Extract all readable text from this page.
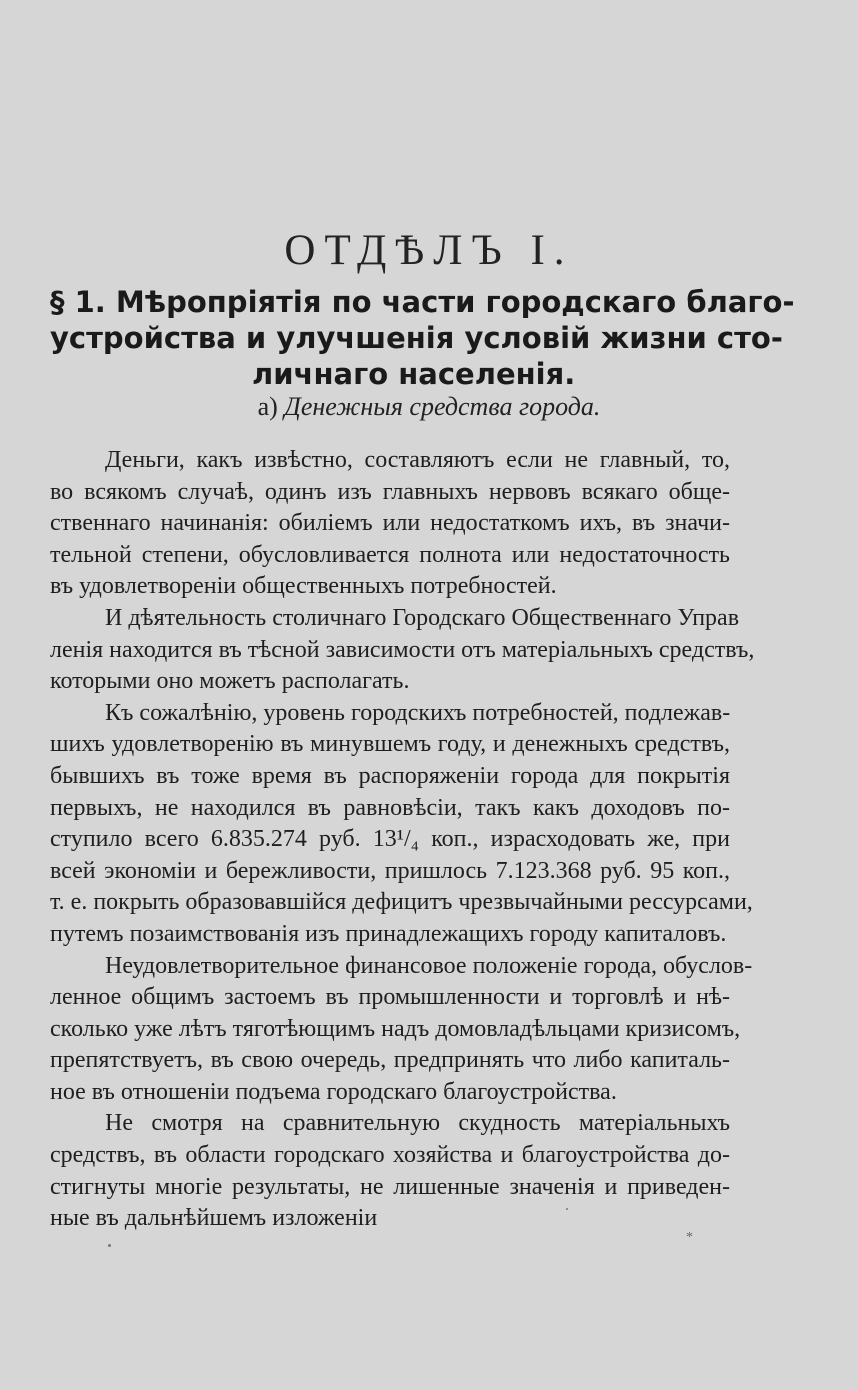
ОТДѢЛЪ I.
§ 1. Мѣропріятія по части городскаго благо-
устройства и улучшенія условій жизни сто-
личнаго населенія.

а) Денежныя средства города.

Деньги, какъ извѣстно, составляютъ если не главный, то,
во всякомъ случаѣ, одинъ изъ главныхъ нервовъ всякаго обще-
ственнаго начинанія: обиліемъ или недостаткомъ ихъ, въ значи-
тельной степени, обусловливается полнота или недостаточность
въ удовлетвореніи общественныхъ потребностей.
И дѣятельность столичнаго Городскаго Общественнаго Управ
ленія находится въ тѣсной зависимости отъ матеріальныхъ средствъ,
которыми оно можетъ располагать.
Къ сожалѣнію, уровень городскихъ потребностей, подлежав-
шихъ удовлетворенію въ минувшемъ году, и денежныхъ средствъ,
бывшихъ въ тоже время въ распоряженіи города для покрытія
первыхъ, не находился въ равновѣсіи, такъ какъ доходовъ по-
ступило всего 6.835.274 руб. 13¹/₄ коп., израсходовать же, при
всей экономіи и бережливости, пришлось 7.123.368 руб. 95 коп.,
т. е. покрыть образовавшійся дефицитъ чрезвычайными рессурсами,
путемъ позаимствованія изъ принадлежащихъ городу капиталовъ.
Неудовлетворительное финансовое положеніе города, обуслов-
ленное общимъ застоемъ въ промышленности и торговлѣ и нѣ-
сколько уже лѣтъ тяготѣющимъ надъ домовладѣльцами кризисомъ,
препятствуетъ, въ свою очередь, предпринять что либо капиталь-
ное въ отношеніи подъема городскаго благоустройства.
Не смотря на сравнительную скудность матеріальныхъ
средствъ, въ области городскаго хозяйства и благоустройства до-
стигнуты многіе результаты, не лишенные значенія и приведен-
ные въ дальнѣйшемъ изложеніи
*
